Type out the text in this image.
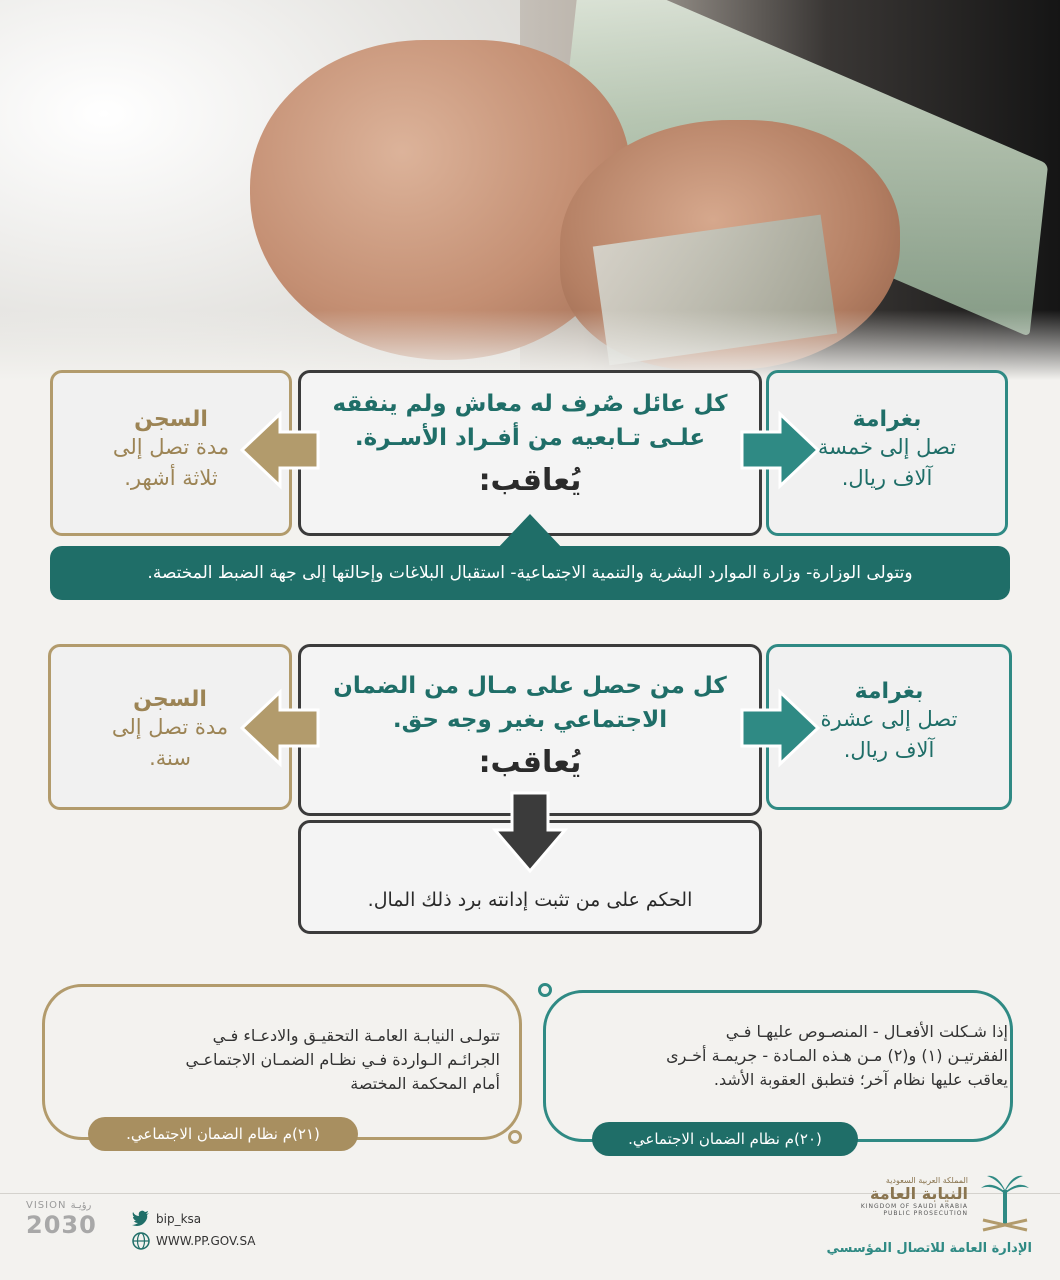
بغرامة
تصل إلى خمسة
آلاف ريال.
كل عائل صُرف له معاش ولم ينفقه
علـى تـابعيه من أفـراد الأسـرة.
يُعاقب:
السجن
مدة تصل إلى
ثلاثة أشهر.
وتتولى الوزارة- وزارة الموارد البشرية والتنمية الاجتماعية- استقبال البلاغات وإحالتها إلى جهة الضبط المختصة.
بغرامة
تصل إلى عشرة
آلاف ريال.
كل من حصل على مـال من الضمان
الاجتماعي بغير وجه حق.
يُعاقب:
السجن
مدة تصل إلى
سنة.
الحكم على من تثبت إدانته برد ذلك المال.
تتولـى النيابـة العامـة التحقيـق والادعـاء فـي
الجرائـم الـواردة فـي نظـام الضمـان الاجتماعـي
أمام المحكمة المختصة
(٢١)م نظام الضمان الاجتماعي.
إذا شـكلت الأفعـال - المنصـوص عليهـا فـي
الفقرتيـن (١) و(٢) مـن هـذه المـادة - جريمـة أخـرى
يعاقب عليها نظام آخر؛ فتطبق العقوبة الأشد.
(٢٠)م نظام الضمان الاجتماعي.
المملكة العربية السعودية
النيابة العامة
KINGDOM OF SAUDI ARABIA
PUBLIC PROSECUTION
الإدارة العامة للاتصال المؤسسي
bip_ksa
WWW.PP.GOV.SA
VISION رؤيـة
2030
